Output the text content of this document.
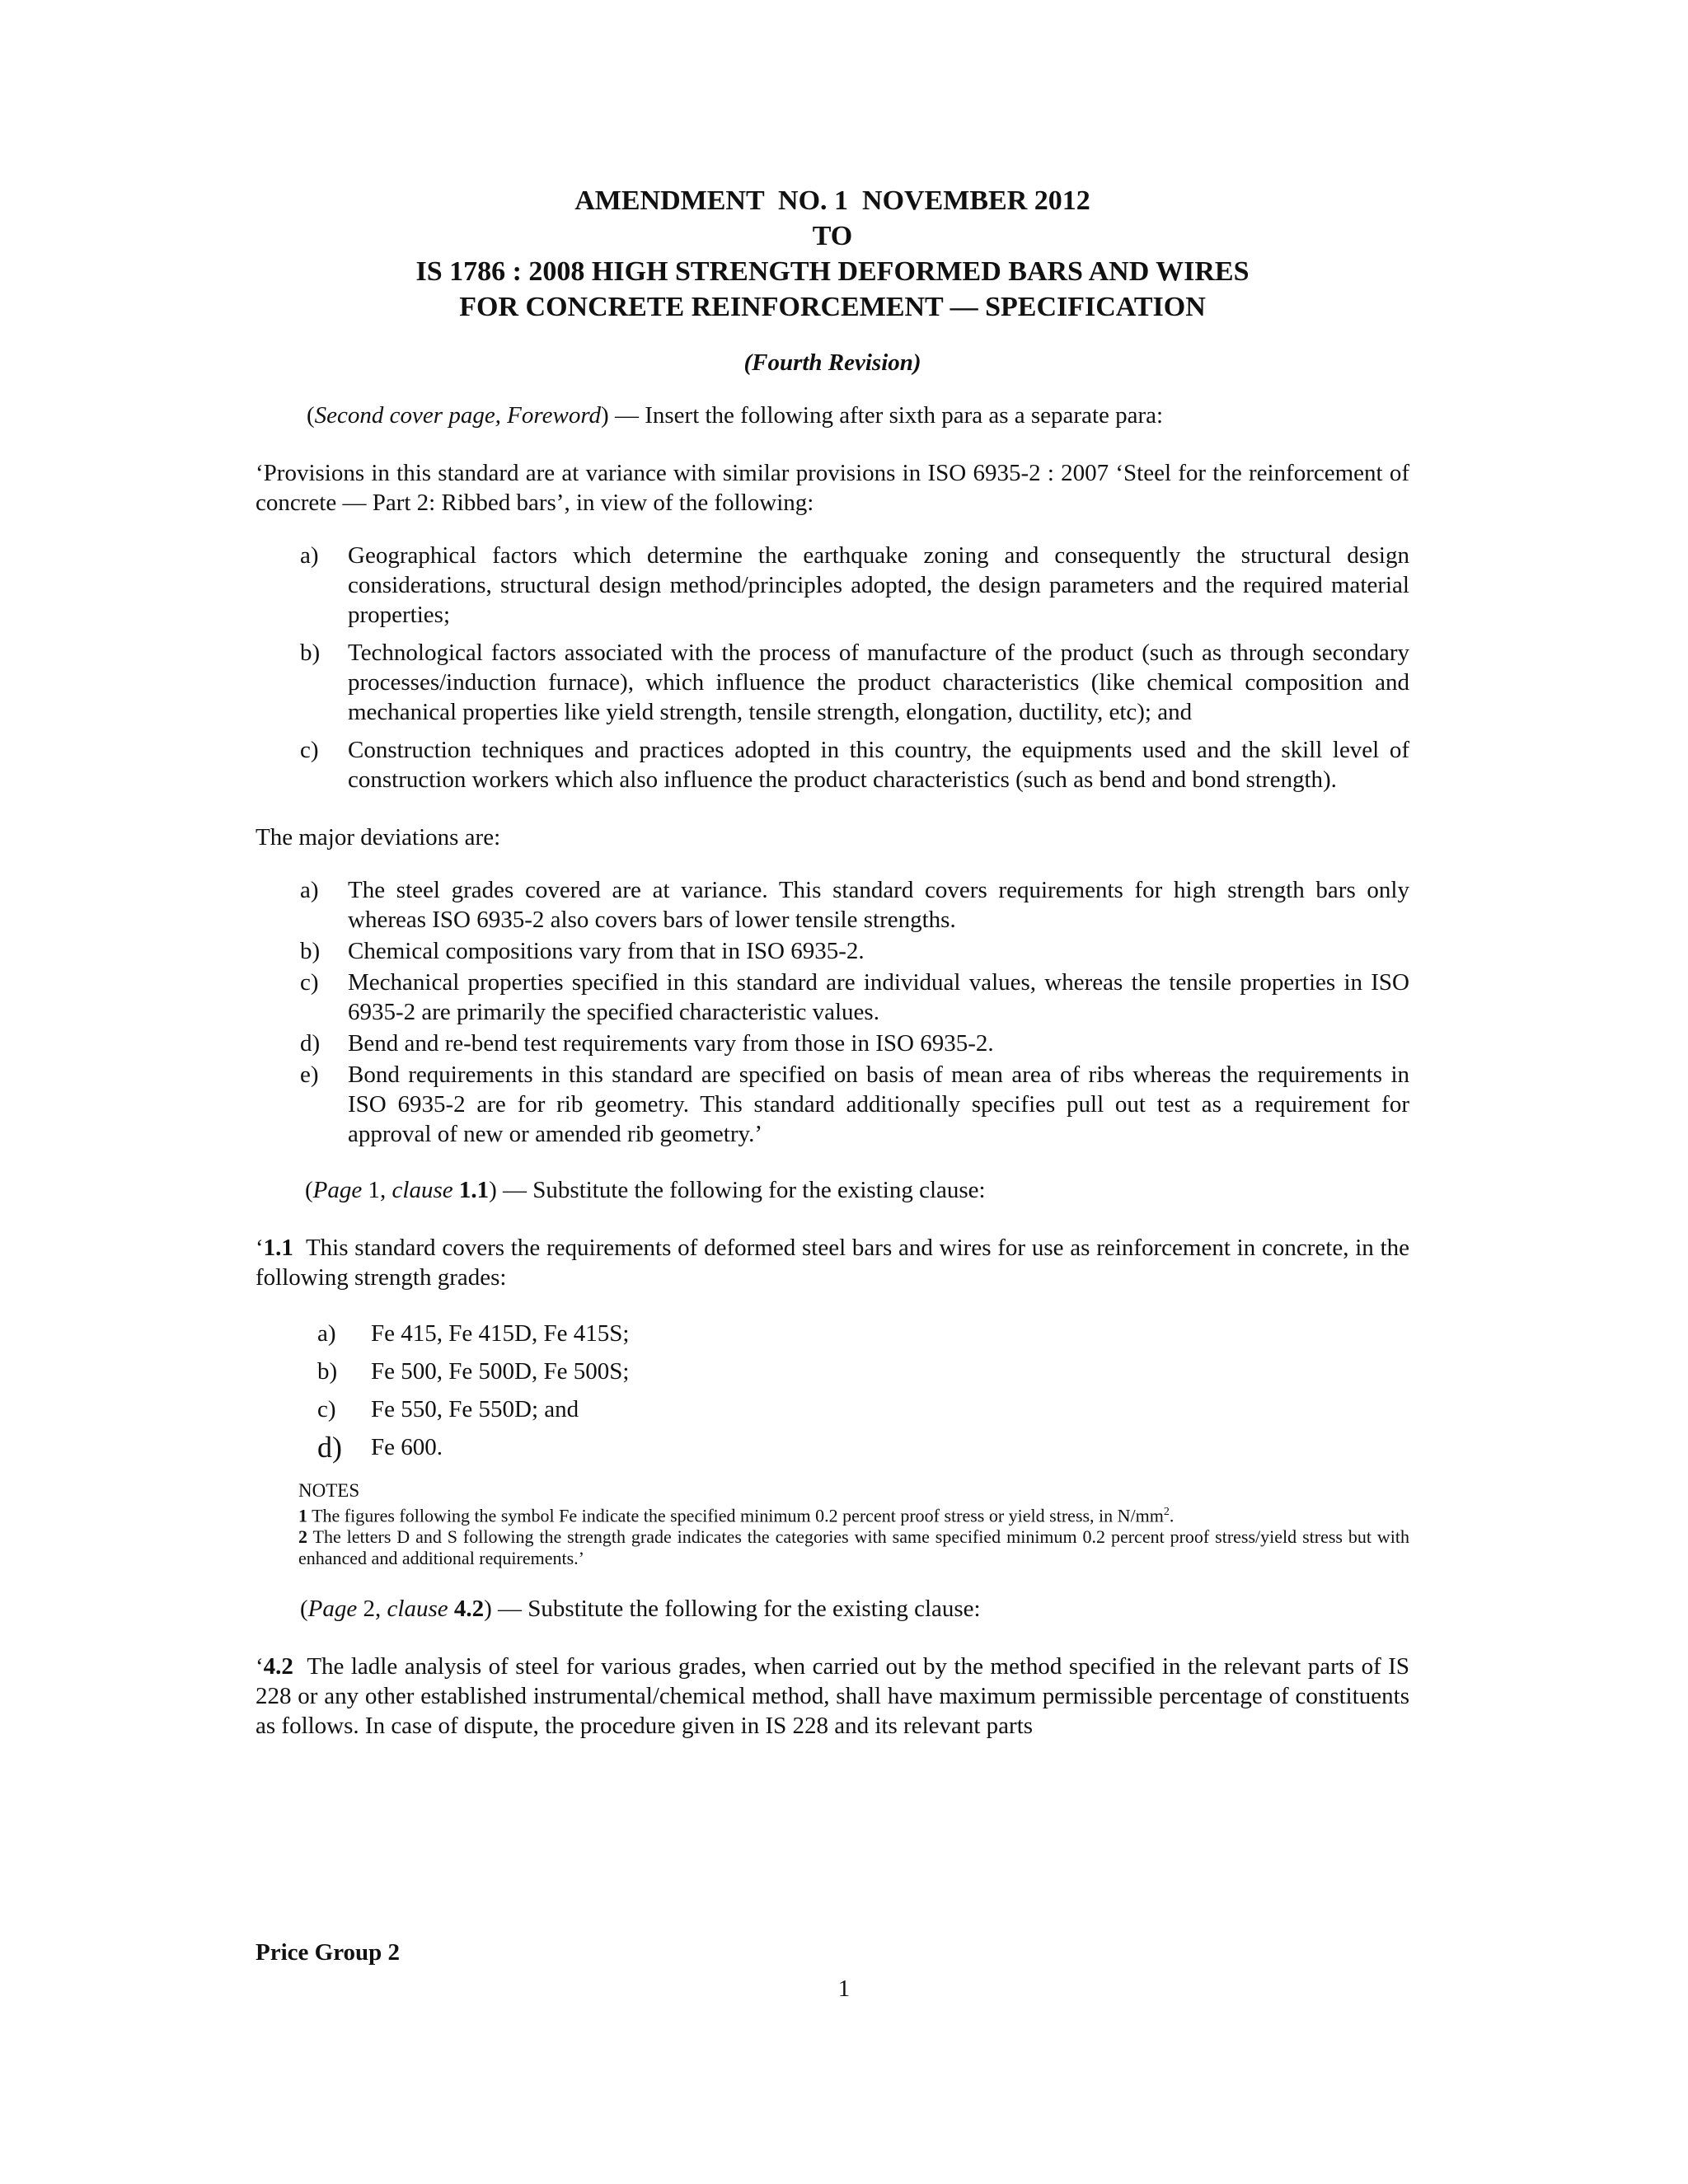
AMENDMENT  NO. 1  NOVEMBER 2012
TO
IS 1786 : 2008 HIGH STRENGTH DEFORMED BARS AND WIRES
FOR CONCRETE REINFORCEMENT — SPECIFICATION
(Fourth Revision)
(Second cover page, Foreword) — Insert the following after sixth para as a separate para:
‘Provisions in this standard are at variance with similar provisions in ISO 6935-2 : 2007 ‘Steel for the reinforcement of concrete — Part 2: Ribbed bars’, in view of the following:
a)	Geographical factors which determine the earthquake zoning and consequently the structural design considerations, structural design method/principles adopted, the design parameters and the required material properties;
b)	Technological factors associated with the process of manufacture of the product (such as through secondary processes/induction furnace), which influence the product characteristics (like chemical composition and mechanical properties like yield strength, tensile strength, elongation, ductility, etc); and
c)	Construction techniques and practices adopted in this country, the equipments used and the skill level of construction workers which also influence the product characteristics (such as bend and bond strength).
The major deviations are:
a)	The steel grades covered are at variance. This standard covers requirements for high strength bars only whereas ISO 6935-2 also covers bars of lower tensile strengths.
b)	Chemical compositions vary from that in ISO 6935-2.
c)	Mechanical properties specified in this standard are individual values, whereas the tensile properties in ISO 6935-2 are primarily the specified characteristic values.
d)	Bend and re-bend test requirements vary from those in ISO 6935-2.
e)	Bond requirements in this standard are specified on basis of mean area of ribs whereas the requirements in ISO 6935-2 are for rib geometry. This standard additionally specifies pull out test as a requirement for approval of new or amended rib geometry.’
(Page 1, clause 1.1) — Substitute the following for the existing clause:
‘1.1  This standard covers the requirements of deformed steel bars and wires for use as reinforcement in concrete, in the following strength grades:
a)	Fe 415, Fe 415D, Fe 415S;
b)	Fe 500, Fe 500D, Fe 500S;
c)	Fe 550, Fe 550D; and
d)	Fe 600.
NOTES
1 The figures following the symbol Fe indicate the specified minimum 0.2 percent proof stress or yield stress, in $N/mm^2$.
2 The letters D and S following the strength grade indicates the categories with same specified minimum 0.2 percent proof stress/yield stress but with enhanced and additional requirements.’
(Page 2, clause 4.2) — Substitute the following for the existing clause:
‘4.2  The ladle analysis of steel for various grades, when carried out by the method specified in the relevant parts of IS 228 or any other established instrumental/chemical method, shall have maximum permissible percentage of constituents as follows. In case of dispute, the procedure given in IS 228 and its relevant parts
Price Group 2
1
